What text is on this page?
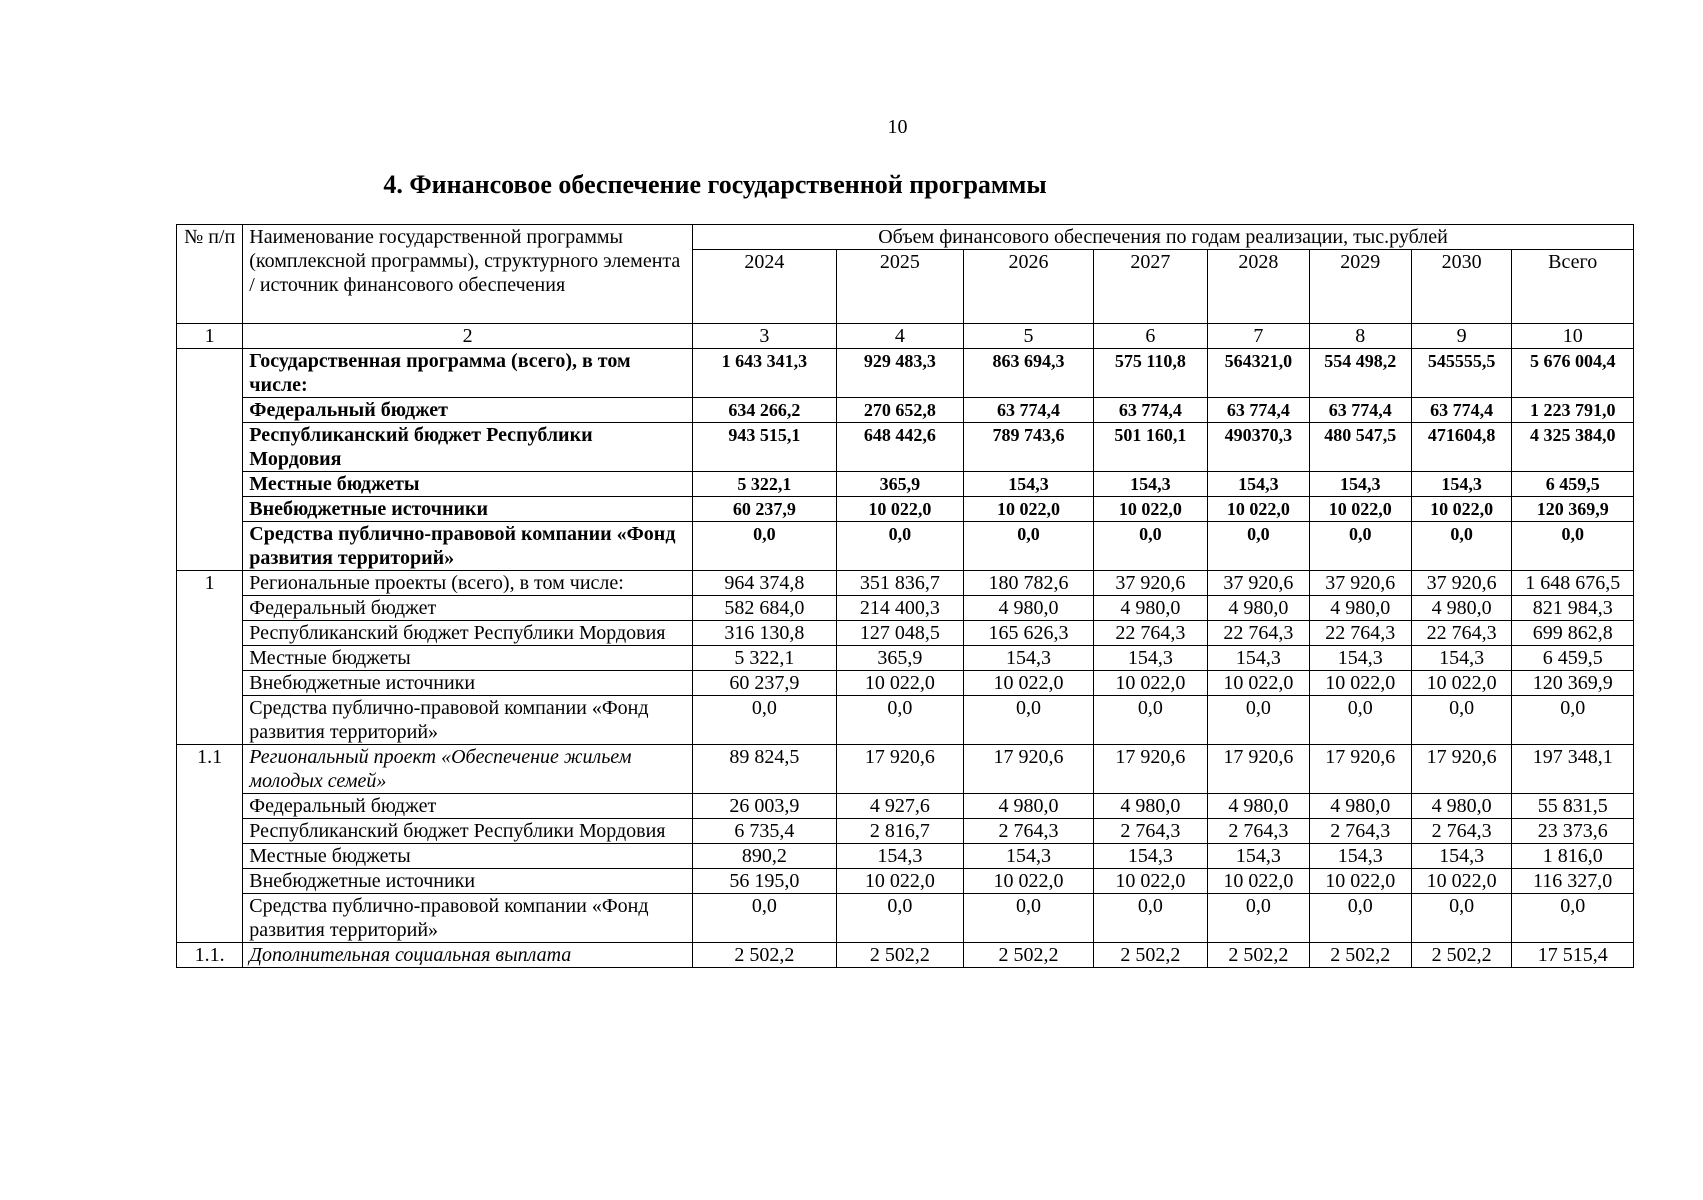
10
4. Финансовое обеспечение государственной программы
№ п/п	Наименование государственной программы (комплексной программы), структурного элемента / источник финансового обеспечения	Объем финансового обеспечения по годам реализации, тыс.рублей							
		2024	2025	2026	2027	2028	2029	2030	Всего
1	2	3	4	5	6	7	8	9	10
	Государственная программа (всего), в том числе:	1 643 341,3	929 483,3	863 694,3	575 110,8	564321,0	554 498,2	545555,5	5 676 004,4
	Федеральный бюджет	634 266,2	270 652,8	63 774,4	63 774,4	63 774,4	63 774,4	63 774,4	1 223 791,0
	Республиканский бюджет Республики Мордовия	943 515,1	648 442,6	789 743,6	501 160,1	490370,3	480 547,5	471604,8	4 325 384,0
	Местные бюджеты	5 322,1	365,9	154,3	154,3	154,3	154,3	154,3	6 459,5
	Внебюджетные источники	60 237,9	10 022,0	10 022,0	10 022,0	10 022,0	10 022,0	10 022,0	120 369,9
	Средства публично-правовой компании «Фонд развития территорий»	0,0	0,0	0,0	0,0	0,0	0,0	0,0	0,0
1	Региональные проекты (всего), в том числе:	964 374,8	351 836,7	180 782,6	37 920,6	37 920,6	37 920,6	37 920,6	1 648 676,5
	Федеральный бюджет	582 684,0	214 400,3	4 980,0	4 980,0	4 980,0	4 980,0	4 980,0	821 984,3
	Республиканский бюджет Республики Мордовия	316 130,8	127 048,5	165 626,3	22 764,3	22 764,3	22 764,3	22 764,3	699 862,8
	Местные бюджеты	5 322,1	365,9	154,3	154,3	154,3	154,3	154,3	6 459,5
	Внебюджетные источники	60 237,9	10 022,0	10 022,0	10 022,0	10 022,0	10 022,0	10 022,0	120 369,9
	Средства публично-правовой компании «Фонд развития территорий»	0,0	0,0	0,0	0,0	0,0	0,0	0,0	0,0
1.1	Региональный проект «Обеспечение жильем молодых семей»	89 824,5	17 920,6	17 920,6	17 920,6	17 920,6	17 920,6	17 920,6	197 348,1
	Федеральный бюджет	26 003,9	4 927,6	4 980,0	4 980,0	4 980,0	4 980,0	4 980,0	55 831,5
	Республиканский бюджет Республики Мордовия	6 735,4	2 816,7	2 764,3	2 764,3	2 764,3	2 764,3	2 764,3	23 373,6
	Местные бюджеты	890,2	154,3	154,3	154,3	154,3	154,3	154,3	1 816,0
	Внебюджетные источники	56 195,0	10 022,0	10 022,0	10 022,0	10 022,0	10 022,0	10 022,0	116 327,0
	Средства публично-правовой компании «Фонд развития территорий»	0,0	0,0	0,0	0,0	0,0	0,0	0,0	0,0
1.1.	Дополнительная социальная выплата	2 502,2	2 502,2	2 502,2	2 502,2	2 502,2	2 502,2	2 502,2	17 515,4
